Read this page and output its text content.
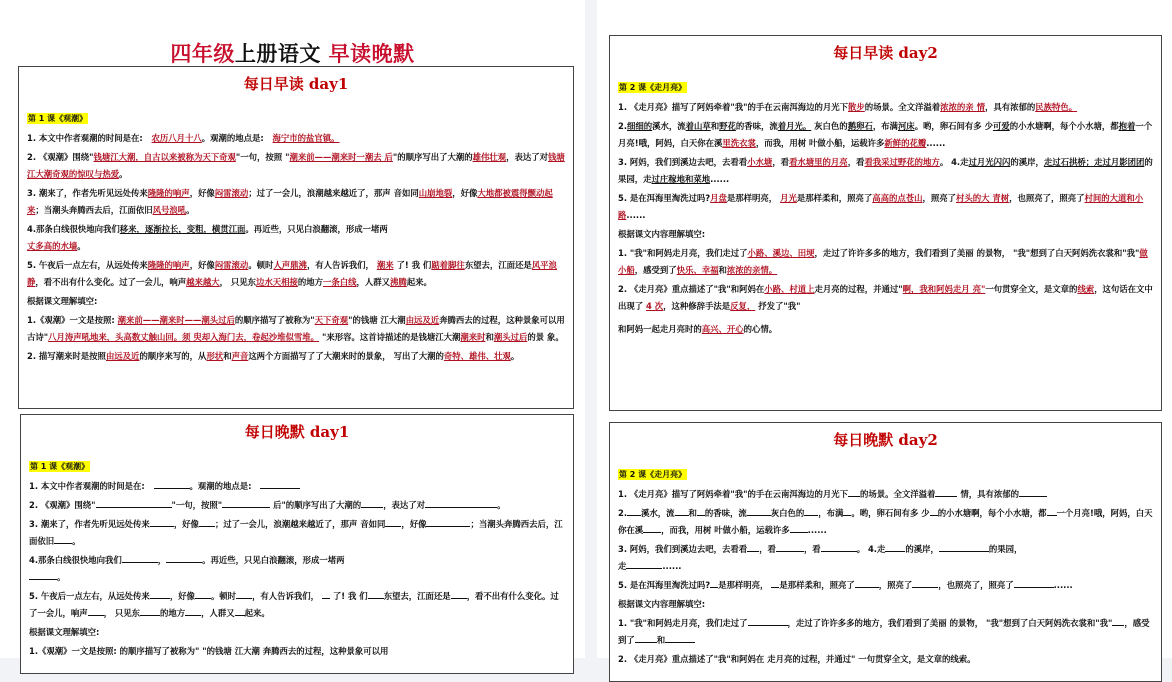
四年级上册语文 早读晚默
每日早读 day1
第 1 课《观潮》

1. 本文中作者观潮的时间是在:   农历八月十八。观潮的地点是:   海宁市的盐官镇。

2. 《观潮》围绕"钱塘江大潮，自古以来被称为天下奇观"一句，按照 "潮来前——潮来时一潮去 后"的顺序写出了大潮的雄伟壮观，表达了对钱塘江大潮奇观的惊叹与热爱。

3. 潮来了，作者先听见远处传来隆隆的响声，好像闷雷滚动；过了一会儿，浪潮越来越近了，那声 音如同山崩地裂，好像大地都被震得颤动起来；当潮头奔腾西去后，江面依旧风号浪吼。

4.那条白线很快地向我们移来，逐渐拉长，变粗，横贯江面。再近些，只见白浪翻滚，形成一堵两
丈多高的水墙。

5. 午夜后一点左右，从远处传来隆隆的响声，好像闷雷滚动。顿时人声鼎沸，有人告诉我们， 潮来 了! 我 们踮着脚往东望去，江面还是风平浪静，看不出有什么变化。过了一会儿，响声越来越大， 只见东边水天相接的地方一条白线，人群又沸腾起来。

根据课文理解填空:

1.《观潮》一文是按照: 潮来前——潮来时——潮头过后的顺序描写了被称为"天下奇观"的钱塘 江大潮由远及近奔腾西去的过程，这种景象可以用古诗"八月涛声吼地来，头高数丈触山回。须 臾却入海门去，卷起沙堆似雪堆。 "来形容。这首诗描述的是钱塘江大潮潮来时和潮头过后的景 象。

2. 描写潮来时是按照由远及近的顺序来写的，从形状和声音这两个方面描写了了大潮来时的景象， 写出了大潮的奇特、雄伟、壮观。

每日晚默 day1
第 1 课《观潮》

1. 本文中作者观潮的时间是在:	。观潮的地点是:

2. 《观潮》围绕"	"一句，按照"	后"的顺序写出了大潮的	，表达了对	。

3. 潮来了，作者先听见远处传来	，好像 ；过了一会儿，浪潮越来越近了，那声 音如同 ，好像	；当潮头奔腾西去后，江面依旧 。

4.那条白线很快地向我们	，	。再近些，只见白浪翻滚，形成一堵两
。

5. 午夜后一点左右，从远处传来 ，好像 。顿时 ，有人告诉我们，  了! 我 们 东望去，江面还是 ，看不出有什么变化。过了一会儿，响声 ， 只见东 的地方 ，人群又 起来。

根据课文理解填空:

1.《观潮》一文是按照: 的顺序描写了被称为" "的钱塘 江大潮 奔腾西去的过程，这种景象可以用

每日早读 day2
第 2 课《走月亮》

1. 《走月亮》描写了阿妈牵着"我"的手在云南洱海边的月光下散步的场景。全文洋溢着浓浓的亲 情，具有浓郁的民族特色。

2.细细的溪水，流着山草和野花的香味，流着月光。 灰白色的鹅卵石，布满河床。哟，卵石间有多 少可爱的小水塘啊，每个小水塘，都抱着一个月亮!哦，阿妈，白天你在溪里洗衣裳，而我，用树 叶做小船，运载许多新鲜的花瓣......

3. 阿妈，我们到溪边去吧，去看看小水塘，看看水塘里的月亮，看看我采过野花的地方。 4.走过月光闪闪的溪岸，走过石拱桥；走过月影团团的果园，走过庄稼地和菜地......

5. 是在洱海里淘洗过吗?月盘是那样明亮， 月光是那样柔和，照亮了高高的点苍山，照亮了村头的大 青树，也照亮了，照亮了村间的大道和小路......

根据课文内容理解填空:

1. "我"和阿妈走月亮，我们走过了小路、溪边、田埂，走过了许许多多的地方，我们看到了美丽 的景物， "我"想到了白天阿妈洗衣裳和"我"做小船，感受到了快乐、幸福和浓浓的亲情。

2. 《走月亮》重点描述了"我"和阿妈在小路、村道上走月亮的过程，并通过"啊，我和阿妈走月 亮"一句贯穿全文，是文章的线索，这句话在文中出现了 4 次，这种修辞手法是反复， 抒发了"我"

和阿妈一起走月亮时的高兴、开心的心情。

每日晚默 day2
第 2 课《走月亮》

1. 《走月亮》描写了阿妈牵着"我"的手在云南洱海边的月光下 的场景。全文洋溢着	情，具有浓郁的

2. 溪水，流 和 的香味，流	灰白色的 ，布满 。哟，卵石间有多 少 的小水塘啊，每个小水塘，都 一个月亮!哦，阿妈，白天你在溪 ，而我，用树 叶做小船，运载许多 ......

3. 阿妈，我们到溪边去吧，去看看 ，看	，看	。 4.走 的溪岸，	的果园，
走	......

5. 是在洱海里淘洗过吗? 是那样明亮， 是那样柔和，照亮了	，照亮了	，也照亮了，照亮了	......

根据课文内容理解填空:

1. "我"和阿妈走月亮，我们走过了	，走过了许许多多的地方，我们看到了美丽 的景物， "我"想到了白天阿妈洗衣裳和"我" ，感受到了	和

2. 《走月亮》重点描述了"我"和阿妈在 走月亮的过程，并通过" 一句贯穿全文，是文章的线索。
